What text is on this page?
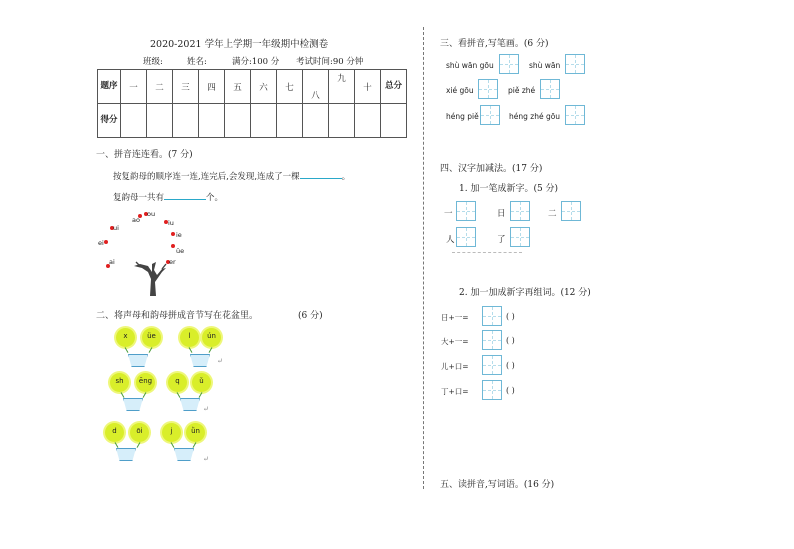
2020-2021 学年上学期一年级期中检测卷
班级:	姓名:	满分:100 分 考试时间:90 分钟
题序	一	二	三	四	五	六	七	八	九	十	总分
得分											
一、拼音连连看。(7 分)
按复韵母的顺序连一连,连完后,会发现,连成了一棵	。
复韵母一共有	个。
ao
ou
iu
ui
ie
ei
üe
ai	er
二、将声母和韵母拼成音节写在花盆里。	(6 分)
x	üe	l	ún
sh	ēng	q	ǔ
d	ōi	j	ǜn
↵
↵
↵
三、看拼音,写笔画。(6 分)
shù wān gōu	shù wān
xié gōu	piě zhé
héng piě	héng zhé gōu
四、汉字加减法。(17 分)
1. 加一笔成新字。(5 分)
一	日	二
人	了
2. 加一加成新字再组词。(12 分)
日+一=	( )
大+一=	( )
儿+口=	( )
丁+口=	( )
五、读拼音,写词语。(16 分)
